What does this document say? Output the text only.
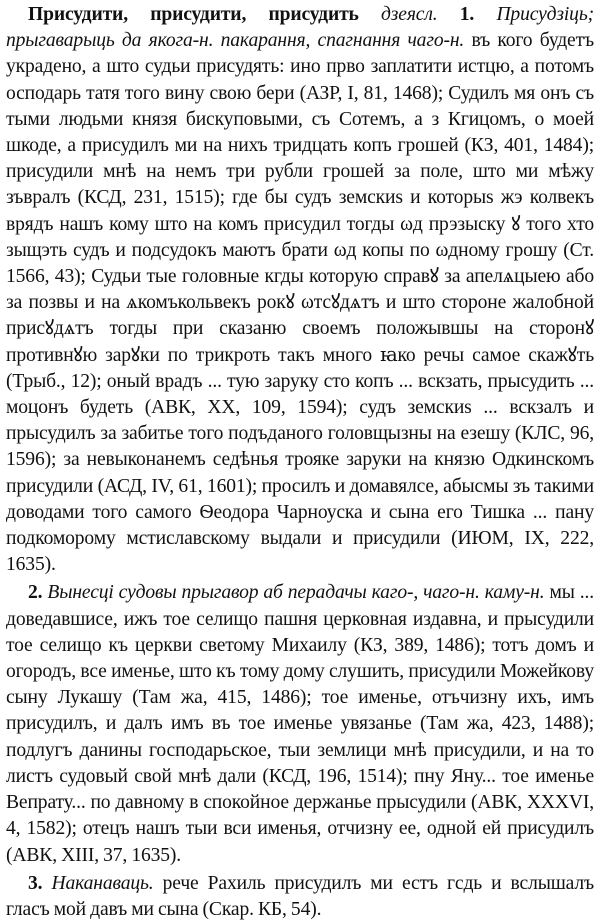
Присудити, присудити, присудить дзеясл. 1. Присудзіць; прыгаварыць да якога-н. пакарання, спагнання чаго-н. въ кого будетъ украдено, а што судьи присудять: ино прво заплатити истцю, а потомъ осподарь татя того вину свою бери (АЗР, I, 81, 1468); Судилъ мя онъ съ тыми людьми князя бискуповыми, съ Сотемъ, а з Кгицомъ, о моей шкоде, а присудилъ ми на нихъ тридцать копъ грошей (КЗ, 401, 1484); присудили мнѣ на немъ три рубли грошей за поле, што ми мѣжу зъвралъ (КСД, 231, 1515); где бы судъ земскиѕ и которыѕ жэ колвекъ врядъ нашъ кому што на комъ присудил тогды ωд прэзыску ꙋ того хто зыщэть судъ и подсудокъ маютъ брати ωд копы по ωдному грошу (Ст. 1566, 43); Судьи тые головные кгды которую справꙋ за апелѧцыею або за позвы и на ѧкомъкольвекъ рокꙋ ωтсꙋдѧтъ и што стороне жалобной присꙋдѧтъ тогды при сказаню своемъ положывшы на сторонꙋ противнꙋю зарꙋки по трикроть такъ много ꙗко речы самое скажꙋть (Трыб., 12); оный врадъ ... тую заруку сто копъ ... вскзать, прысудить ... моцонъ будеть (АВК, XX, 109, 1594); судъ земскиѕ ... вскзалъ и прысудилъ за забитье того подъданого головщызны на езешу (КЛС, 96, 1596); за невыконанемъ седѣнья трояке заруки на князю Одкинскомъ присудили (АСД, IV, 61, 1601); просилъ и домавялсе, абысмы зъ такими доводами того самого Ѳеодора Чарноуска и сына его Тишка ... пану подкоморому мстиславскому выдали и присудили (ИЮМ, IX, 222, 1635).

2. Вынесці судовы прыгавор аб перадачы каго-, чаго-н. каму-н. мы ... доведавшисе, ижъ тое селищо пашня церковная издавна, и прысудили тое селищо къ церкви светому Михаилу (КЗ, 389, 1486); тотъ домъ и огородъ, все именье, што къ тому дому слушить, присудили Можейкову сыну Лукашу (Там жа, 415, 1486); тое именье, отъчизну ихъ, имъ присудилъ, и далъ имъ въ тое именье увязанье (Там жа, 423, 1488); подлугъ данины господарьское, тыи землици мнѣ присудили, и на то листъ судовый свой мнѣ дали (КСД, 196, 1514); пну Яну... тое именье Вепрату... по давному в спокойное держанье прысудили (АВК, XXXVI, 4, 1582); отецъ нашъ тыи вси именья, отчизну ее, одной ей присудилъ (АВК, XIII, 37, 1635).

3. Наканаваць. рече Рахиль присудилъ ми естъ гсдь и вслышалъ гласъ мой давъ ми сына (Скар. КБ, 54).
